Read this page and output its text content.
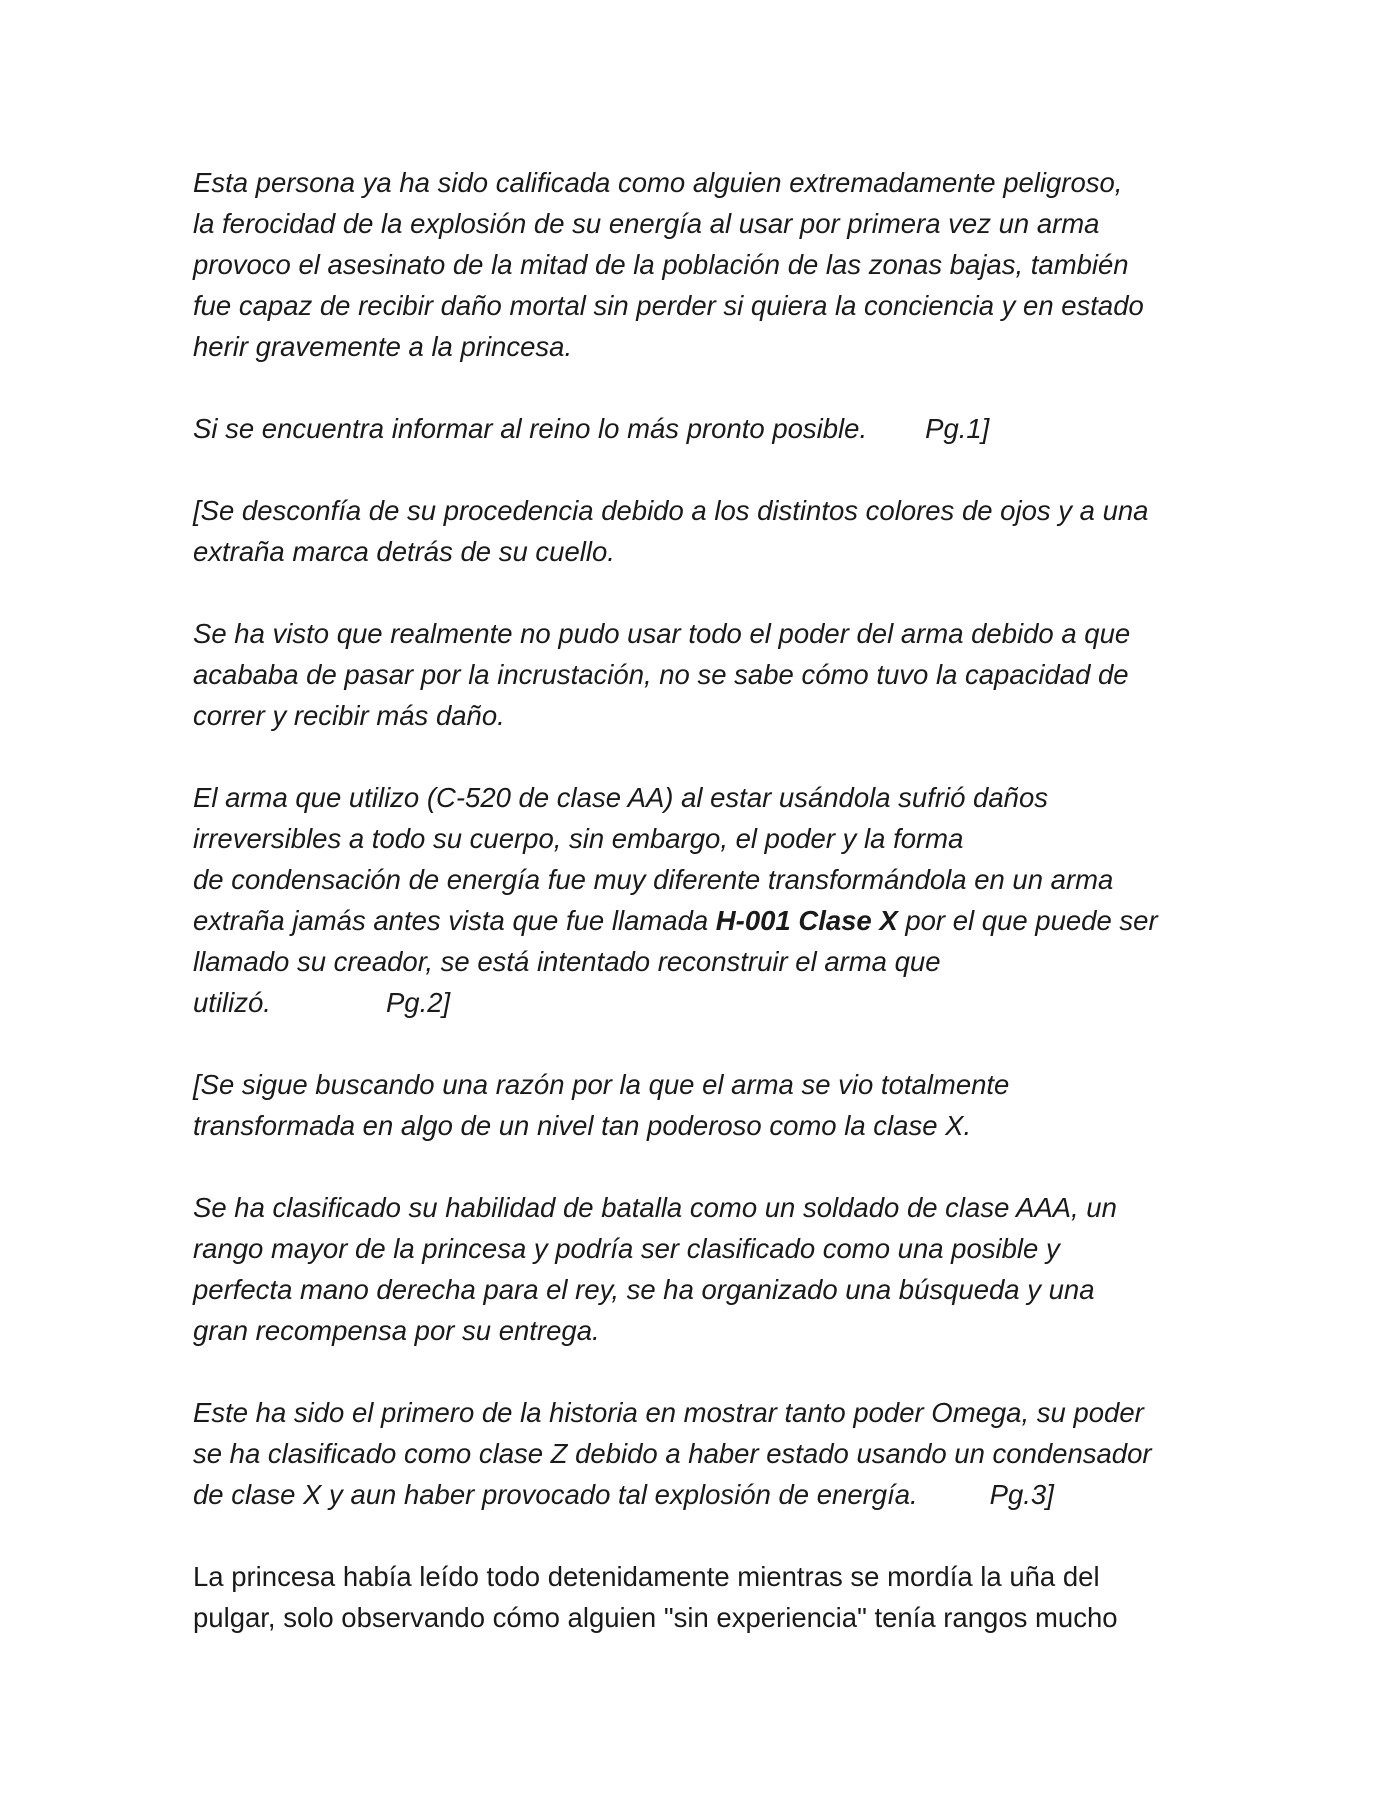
Esta persona ya ha sido calificada como alguien extremadamente peligroso,
la ferocidad de la explosión de su energía al usar por primera vez un arma
provoco el asesinato de la mitad de la población de las zonas bajas, también
fue capaz de recibir daño mortal sin perder si quiera la conciencia y en estado
herir gravemente a la princesa.

Si se encuentra informar al reino lo más pronto posible. Pg.1]

[Se desconfía de su procedencia debido a los distintos colores de ojos y a una
extraña marca detrás de su cuello.

Se ha visto que realmente no pudo usar todo el poder del arma debido a que
acababa de pasar por la incrustación, no se sabe cómo tuvo la capacidad de
correr y recibir más daño.

El arma que utilizo (C-520 de clase AA) al estar usándola sufrió daños
irreversibles a todo su cuerpo, sin embargo, el poder y la forma
de condensación de energía fue muy diferente transformándola en un arma
extraña jamás antes vista que fue llamada H-001 Clase X por el que puede ser
llamado su creador, se está intentado reconstruir el arma que
utilizó.	Pg.2]

[Se sigue buscando una razón por la que el arma se vio totalmente
transformada en algo de un nivel tan poderoso como la clase X.

Se ha clasificado su habilidad de batalla como un soldado de clase AAA, un
rango mayor de la princesa y podría ser clasificado como una posible y
perfecta mano derecha para el rey, se ha organizado una búsqueda y una
gran recompensa por su entrega.

Este ha sido el primero de la historia en mostrar tanto poder Omega, su poder
se ha clasificado como clase Z debido a haber estado usando un condensador
de clase X y aun haber provocado tal explosión de energía.	Pg.3]

La princesa había leído todo detenidamente mientras se mordía la uña del
pulgar, solo observando cómo alguien "sin experiencia" tenía rangos mucho
